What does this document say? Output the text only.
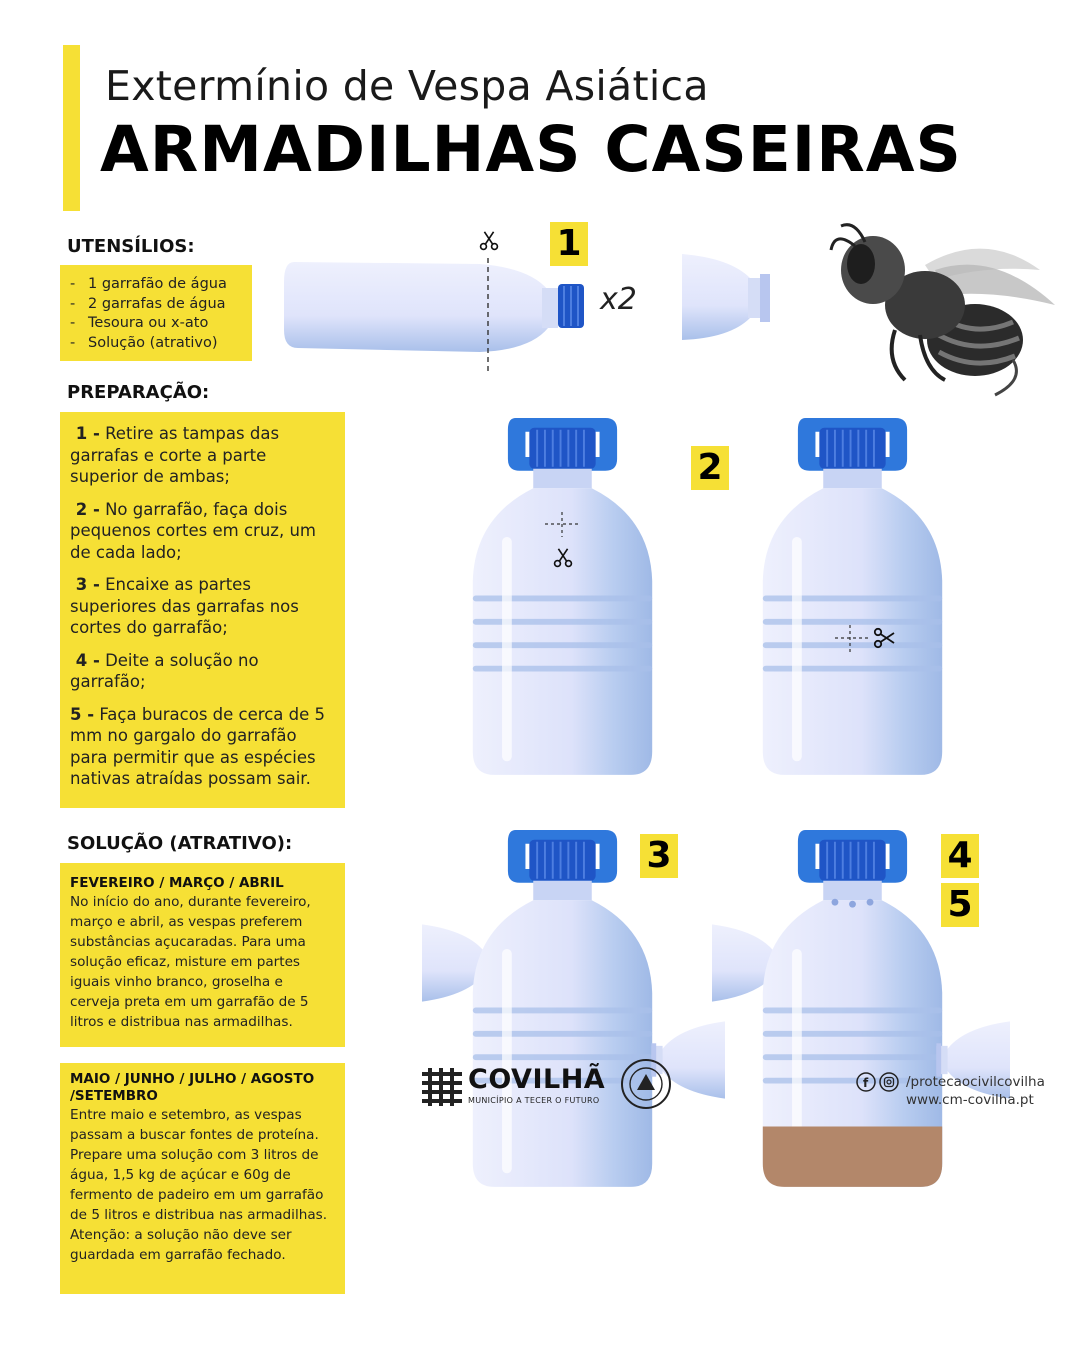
Extermínio de Vespa Asiática
ARMADILHAS CASEIRAS
UTENSÍLIOS:
- 1 garrafão de água
- 2 garrafas de água
- Tesoura ou x-ato
- Solução (atrativo)
PREPARAÇÃO:

1 - Retire as tampas das garrafas e corte a parte superior de ambas;

2 - No garrafão, faça dois pequenos cortes em cruz, um de cada lado;

3 - Encaixe as partes superiores das garrafas nos cortes do garrafão;

4 - Deite a solução no garrafão;

5 - Faça buracos de cerca de 5 mm no gargalo do garrafão para permitir que as espécies nativas atraídas possam sair.

SOLUÇÃO (ATRATIVO):
FEVEREIRO / MARÇO / ABRIL

No início do ano, durante fevereiro, março e abril, as vespas preferem substâncias açucaradas. Para uma solução eficaz, misture em partes iguais vinho branco, groselha e cerveja preta em um garrafão de 5 litros e distribua nas armadilhas.

MAIO / JUNHO / JULHO / AGOSTO /SETEMBRO

Entre maio e setembro, as vespas passam a buscar fontes de proteína. Prepare uma solução com 3 litros de água, 1,5 kg de açúcar e 60g de fermento de padeiro em um garrafão de 5 litros e distribua nas armadilhas. Atenção: a solução não deve ser guardada em garrafão fechado.

1
x2
2
3	4
5
COVILHÃ
MUNICÍPIO A TECER O FUTURO
f	/protecaocivilcovilha
www.cm-covilha.pt
